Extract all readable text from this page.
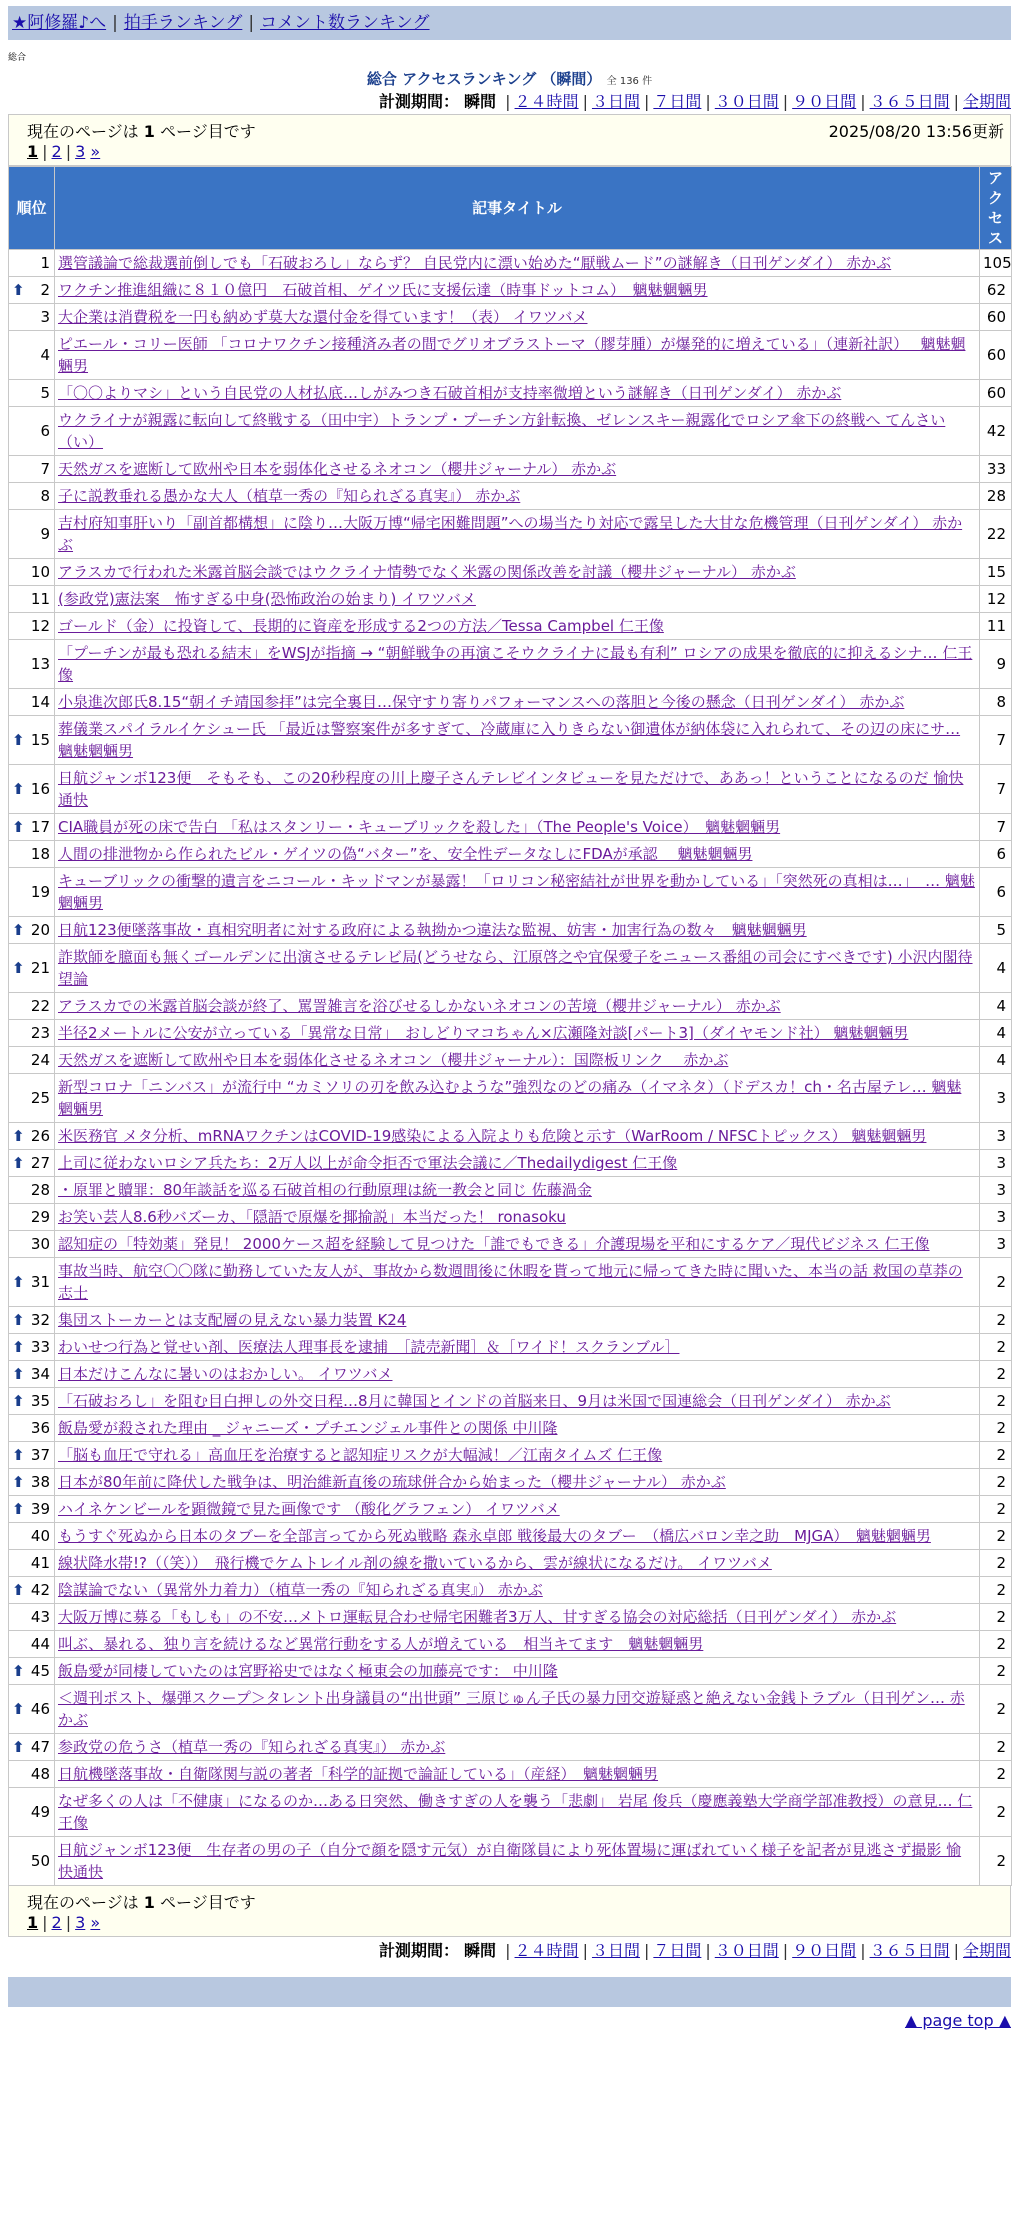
★阿修羅♪へ | 拍手ランキング | コメント数ランキング
総合
総合 アクセスランキング （瞬間） 全 136 件
計測期間： 瞬間 | ２４時間 | ３日間 | ７日間 | ３０日間 | ９０日間 | ３６５日間 | 全期間
現在のページは 1 ページ目です	2025/08/20 13:56更新
1 | 2 | 3 »
順位	記事タイトル	アクセス
1	選管議論で総裁選前倒しでも「石破おろし」ならず？ 自民党内に漂い始めた“厭戦ムード”の謎解き（日刊ゲンダイ） 赤かぶ	105

⬆ 2	ワクチン推進組織に８１０億円　石破首相、ゲイツ氏に支援伝達（時事ドットコム）　魑魅魍魎男	62
3	大企業は消費税を一円も納めず莫大な還付金を得ています！（表） イワツバメ	60
4	ピエール・コリー医師 「コロナワクチン接種済み者の間でグリオブラストーマ（膠芽腫）が爆発的に増えている」（連新社訳）　 魑魅魍魎男	60
5	「〇〇よりマシ」という自民党の人材払底…しがみつき石破首相が支持率微増という謎解き（日刊ゲンダイ） 赤かぶ	60
6	ウクライナが親露に転向して終戦する（田中宇）トランプ・プーチン方針転換、ゼレンスキー親露化でロシア傘下の終戦へ てんさい（い）	42
7	天然ガスを遮断して欧州や日本を弱体化させるネオコン（櫻井ジャーナル） 赤かぶ	33
8	子に説教垂れる愚かな大人（植草一秀の『知られざる真実』） 赤かぶ	28
9	吉村府知事肝いり「副首都構想」に陰り…大阪万博“帰宅困難問題”への場当たり対応で露呈した大甘な危機管理（日刊ゲンダイ） 赤かぶ	22
10	アラスカで行われた米露首脳会談ではウクライナ情勢でなく米露の関係改善を討議（櫻井ジャーナル） 赤かぶ	15
11	(参政党)憲法案　怖すぎる中身(恐怖政治の始まり) イワツバメ	12
12	ゴールド（金）に投資して、長期的に資産を形成する2つの方法／Tessa Campbel 仁王像	11
13	「プーチンが最も恐れる結末」をWSJが指摘 → “朝鮮戦争の再演こそウクライナに最も有利” ロシアの成果を徹底的に抑えるシナ… 仁王像	9
14	小泉進次郎氏8.15“朝イチ靖国参拝”は完全裏目…保守すり寄りパフォーマンスへの落胆と今後の懸念（日刊ゲンダイ） 赤かぶ	8

⬆ 15	葬儀業スパイラルイケシュー氏 「最近は警察案件が多すぎて、冷蔵庫に入りきらない御遺体が納体袋に入れられて、その辺の床にサ… 魑魅魍魎男	7

⬆ 16	日航ジャンボ123便　そもそも、この20秒程度の川上慶子さんテレビインタビューを見ただけで、ああっ！ということになるのだ 愉快通快	7

⬆ 17	CIA職員が死の床で告白 「私はスタンリー・キューブリックを殺した」（The People's Voice）　魑魅魍魎男	7
18	人間の排泄物から作られたビル・ゲイツの偽“バター”を、安全性データなしにFDAが承認　 魑魅魍魎男	6
19	キューブリックの衝撃的遺言をニコール・キッドマンが暴露！「ロリコン秘密結社が世界を動かしている」「突然死の真相は…」　… 魑魅魍魎男	6

⬆ 20	日航123便墜落事故・真相究明者に対する政府による執拗かつ違法な監視、妨害・加害行為の数々　魑魅魍魎男	5

⬆ 21	詐欺師を臆面も無くゴールデンに出演させるテレビ局(どうせなら、江原啓之や宜保愛子をニュース番組の司会にすべきです) 小沢内閣待望論	4
22	アラスカでの米露首脳会談が終了、罵詈雑言を浴びせるしかないネオコンの苦境（櫻井ジャーナル） 赤かぶ	4
23	半径2メートルに公安が立っている「異常な日常」　おしどりマコちゃん×広瀬隆対談[パート3]（ダイヤモンド社） 魑魅魍魎男	4
24	天然ガスを遮断して欧州や日本を弱体化させるネオコン（櫻井ジャーナル）：国際板リンク　 赤かぶ	4
25	新型コロナ「ニンバス」が流行中 “カミソリの刃を飲み込むような”強烈なのどの痛み（イマネタ）（ドデスカ！ch・名古屋テレ… 魑魅魍魎男	3

⬆ 26	米医務官 メタ分析、mRNAワクチンはCOVID-19感染による入院よりも危険と示す（WarRoom / NFSCトピックス） 魑魅魍魎男	3

⬆ 27	上司に従わないロシア兵たち：2万人以上が命令拒否で軍法会議に／Thedailydigest 仁王像	3
28	・原罪と贖罪：80年談話を巡る石破首相の行動原理は統一教会と同じ 佐藤渦金	3
29	お笑い芸人8.6秒バズーカ、「隠語で原爆を揶揄説」本当だった！ ronasoku	3
30	認知症の「特効薬」発見！ 2000ケース超を経験して見つけた「誰でもできる」介護現場を平和にするケア／現代ビジネス 仁王像	3

⬆ 31	事故当時、航空〇〇隊に勤務していた友人が、事故から数週間後に休暇を貰って地元に帰ってきた時に聞いた、本当の話 救国の草莽の志士	2

⬆ 32	集団ストーカーとは支配層の見えない暴力装置 K24	2

⬆ 33	わいせつ行為と覚せい剤、医療法人理事長を逮捕　［読売新聞］＆［ワイド！スクランブル］	2

⬆ 34	日本だけこんなに暑いのはおかしい。 イワツバメ	2

⬆ 35	「石破おろし」を阻む目白押しの外交日程…8月に韓国とインドの首脳来日、9月は米国で国連総会（日刊ゲンダイ） 赤かぶ	2
36	飯島愛が殺された理由 _ ジャニーズ・プチエンジェル事件との関係 中川隆	2

⬆ 37	「脳も血圧で守れる」高血圧を治療すると認知症リスクが大幅減！／江南タイムズ 仁王像	2

⬆ 38	日本が80年前に降伏した戦争は、明治維新直後の琉球併合から始まった（櫻井ジャーナル） 赤かぶ	2

⬆ 39	ハイネケンビールを顕微鏡で見た画像です （酸化グラフェン） イワツバメ	2
40	もうすぐ死ぬから日本のタブーを全部言ってから死ぬ戦略 森永卓郎 戦後最大のタブー　（橋広バロン幸之助　MJGA）　魑魅魍魎男	2
41	線状降水帯!?（（笑））　飛行機でケムトレイル剤の線を撒いているから、雲が線状になるだけ。 イワツバメ	2

⬆ 42	陰謀論でない（異常外力着力）（植草一秀の『知られざる真実』） 赤かぶ	2
43	大阪万博に募る「もしも」の不安…メトロ運転見合わせ帰宅困難者3万人、甘すぎる協会の対応総括（日刊ゲンダイ） 赤かぶ	2
44	叫ぶ、暴れる、独り言を続けるなど異常行動をする人が増えている　相当キてます　魑魅魍魎男	2

⬆ 45	飯島愛が同棲していたのは宮野裕史ではなく極東会の加藤亮です： 中川隆	2

⬆ 46	＜週刊ポスト、爆弾スクープ＞タレント出身議員の“出世頭” 三原じゅん子氏の暴力団交遊疑惑と絶えない金銭トラブル（日刊ゲン… 赤かぶ	2

⬆ 47	参政党の危うさ（植草一秀の『知られざる真実』） 赤かぶ	2
48	日航機墜落事故・自衛隊関与説の著者「科学的証拠で論証している」（産経）　魑魅魍魎男	2
49	なぜ多くの人は「不健康」になるのか…ある日突然、働きすぎの人を襲う「悲劇」 岩尾 俊兵（慶應義塾大学商学部准教授）の意見… 仁王像	2
50	日航ジャンボ123便　生存者の男の子（自分で顔を隠す元気）が自衛隊員により死体置場に運ばれていく様子を記者が見逃さず撮影 愉快通快	2
現在のページは 1 ページ目です
1 | 2 | 3 »
計測期間： 瞬間 | ２４時間 | ３日間 | ７日間 | ３０日間 | ９０日間 | ３６５日間 | 全期間
▲ page top ▲
